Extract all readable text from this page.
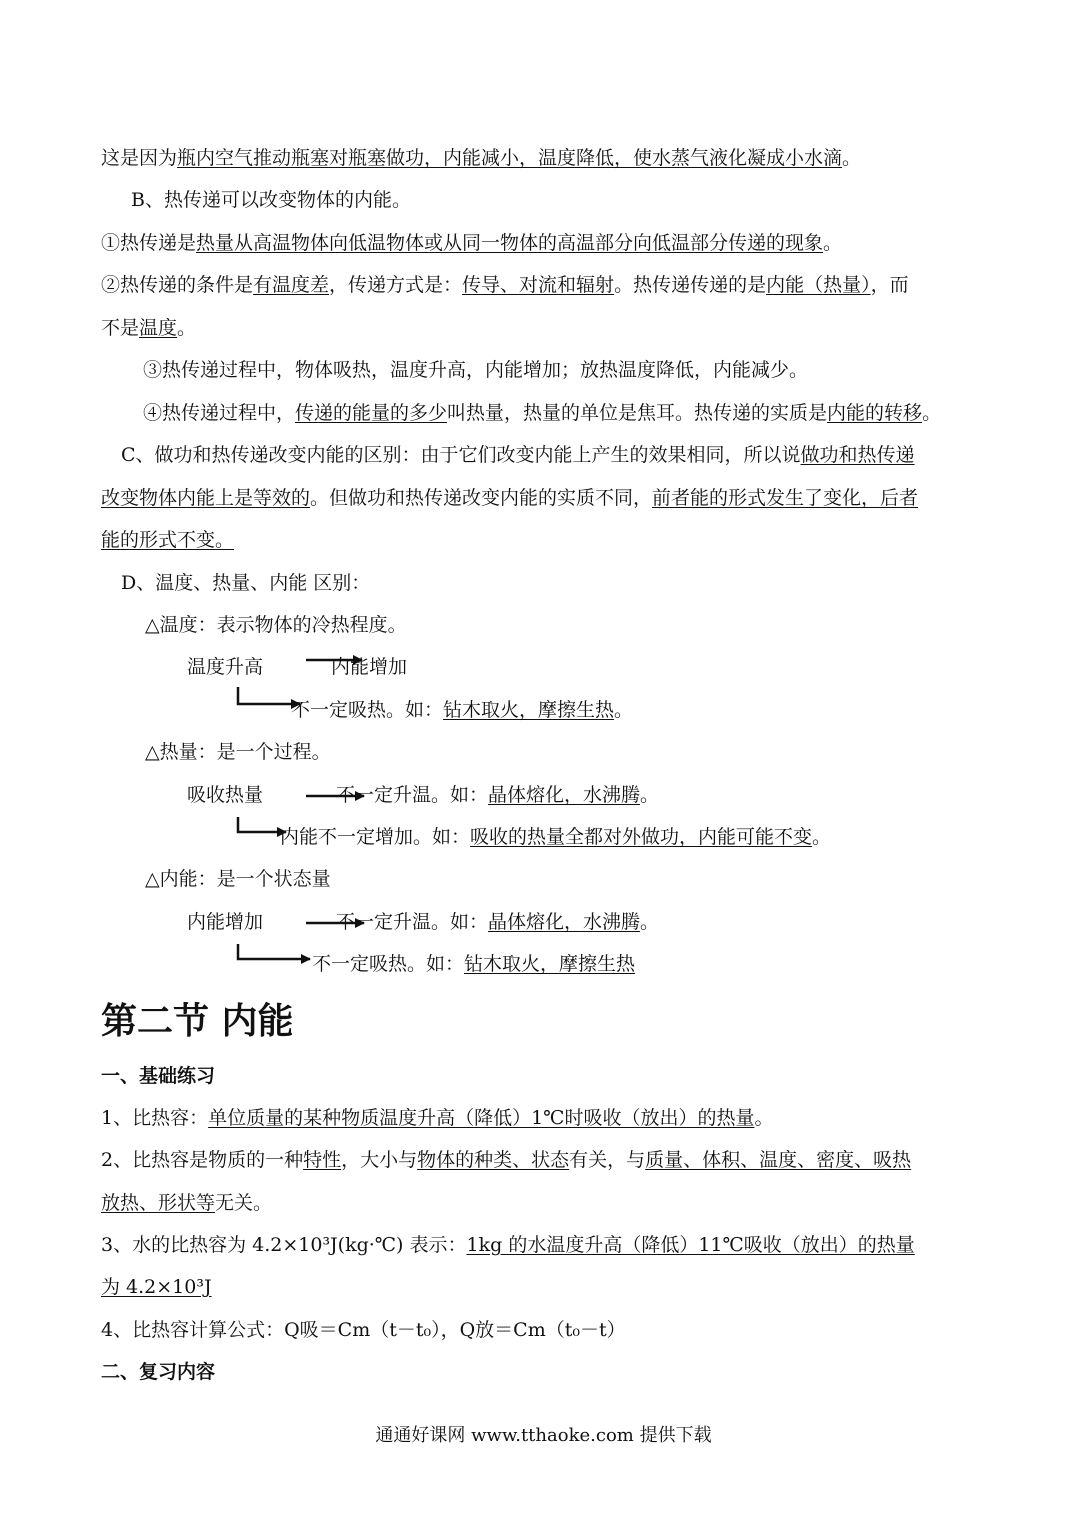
这是因为瓶内空气推动瓶塞对瓶塞做功，内能减小，温度降低，使水蒸气液化凝成小水滴。
B、热传递可以改变物体的内能。
①热传递是热量从高温物体向低温物体或从同一物体的高温部分向低温部分传递的现象。
②热传递的条件是有温度差，传递方式是：传导、对流和辐射。热传递传递的是内能（热量），而
不是温度。
③热传递过程中，物体吸热，温度升高，内能增加；放热温度降低，内能减少。
④热传递过程中，传递的能量的多少叫热量，热量的单位是焦耳。热传递的实质是内能的转移。
C、做功和热传递改变内能的区别：由于它们改变内能上产生的效果相同，所以说做功和热传递
改变物体内能上是等效的。但做功和热传递改变内能的实质不同，前者能的形式发生了变化，后者
能的形式不变。
D、温度、热量、内能 区别：
△温度：表示物体的冷热程度。
温度升高	内能增加
不一定吸热。如：钻木取火，摩擦生热。
△热量：是一个过程。
吸收热量	不一定升温。如：晶体熔化，水沸腾。
内能不一定增加。如：吸收的热量全都对外做功，内能可能不变。
△内能：是一个状态量
内能增加	不一定升温。如：晶体熔化，水沸腾。
不一定吸热。如：钻木取火，摩擦生热
第二节 内能
一、基础练习
1、比热容：单位质量的某种物质温度升高（降低）1℃时吸收（放出）的热量。
2、比热容是物质的一种特性，大小与物体的种类、状态有关，与质量、体积、温度、密度、吸热
放热、形状等无关。
3、水的比热容为 4.2×10³J(kg·℃) 表示：1kg 的水温度升高（降低）11℃吸收（放出）的热量
为 4.2×10³J
4、比热容计算公式：Q吸＝Cm（t－t₀），Q放＝Cm（t₀－t）
二、复习内容
通通好课网 www.tthaoke.com 提供下载
